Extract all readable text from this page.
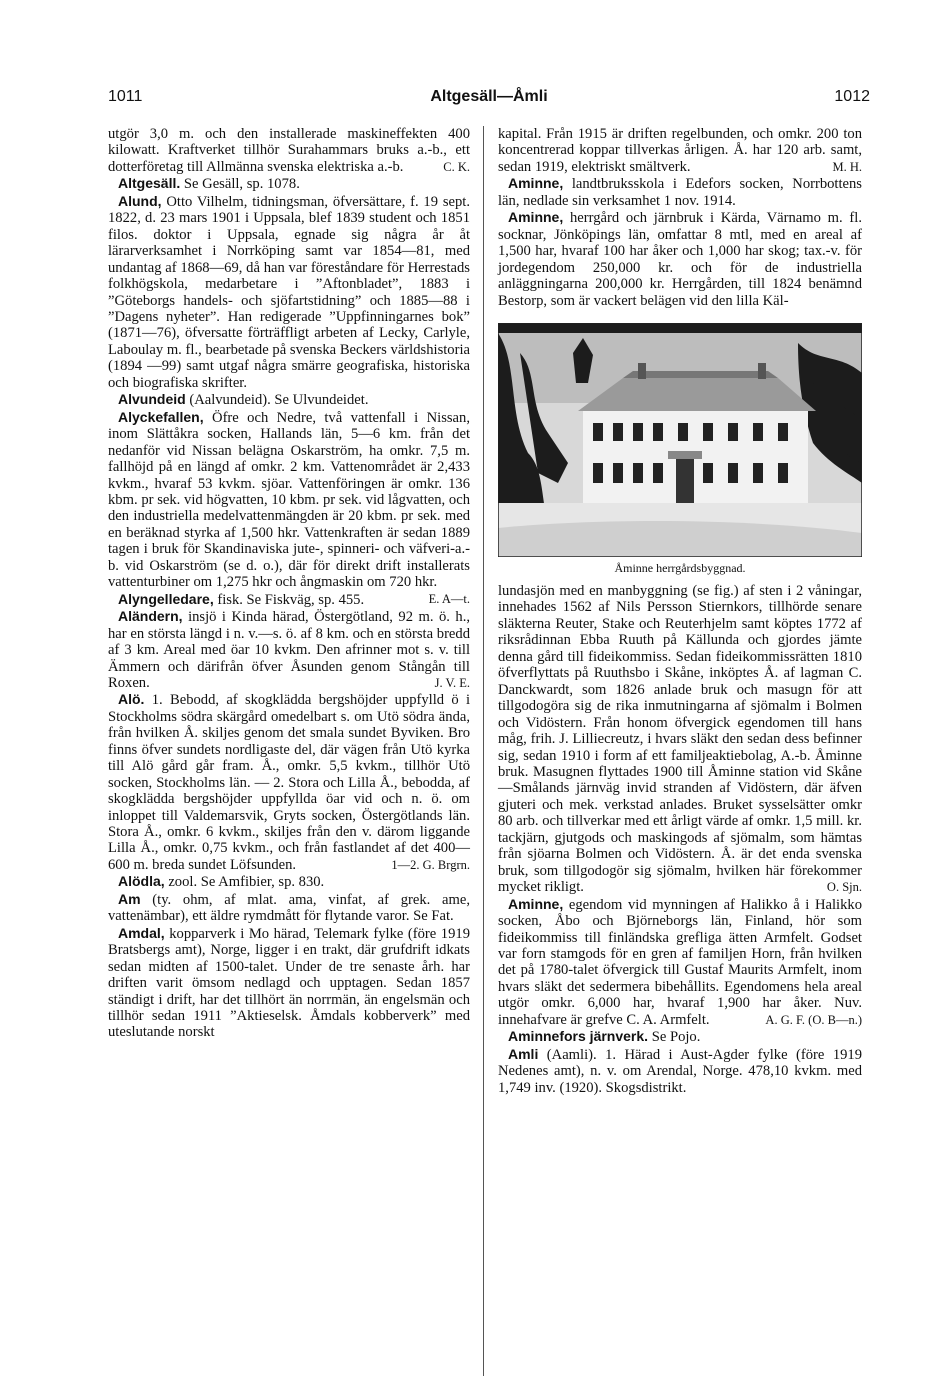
1011	Altgesäll—Åmli	1012

utgör 3,0 m. och den installerade maskineffekten 400 kilowatt. Kraftverket tillhör Surahammars bruks a.-b., ett dotterföretag till Allmänna svenska elektriska a.-b.	C. K.

Altgesäll. Se Gesäll, sp. 1078.

Alund, Otto Vilhelm, tidningsman, öfversättare, f. 19 sept. 1822, d. 23 mars 1901 i Uppsala, blef 1839 student och 1851 filos. doktor i Uppsala, egnade sig några år åt lärarverksamhet i Norrköping samt var 1854—81, med undantag af 1868—69, då han var föreståndare för Herrestads folkhögskola, medarbetare i ”Aftonbladet”, 1883 i ”Göteborgs handels- och sjöfartstidning” och 1885—88 i ”Dagens nyheter”. Han redigerade ”Uppfinningarnes bok” (1871—76), öfversatte förträffligt arbeten af Lecky, Carlyle, Laboulay m. fl., bearbetade på svenska Beckers världshistoria (1894 —99) samt utgaf några smärre geografiska, historiska och biografiska skrifter.

Alvundeid (Aalvundeid). Se Ulvundeidet.

Alyckefallen, Öfre och Nedre, två vattenfall i Nissan, inom Slättåkra socken, Hallands län, 5—6 km. från det nedanför vid Nissan belägna Oskarström, ha omkr. 7,5 m. fallhöjd på en längd af omkr. 2 km. Vattenområdet är 2,433 kvkm., hvaraf 53 kvkm. sjöar. Vattenföringen är omkr. 136 kbm. pr sek. vid högvatten, 10 kbm. pr sek. vid lågvatten, och den industriella medelvattenmängden är 20 kbm. pr sek. med en beräknad styrka af 1,500 hkr. Vattenkraften är sedan 1889 tagen i bruk för Skandinaviska jute-, spinneri- och väfveri-a.-b. vid Oskarström (se d. o.), där för direkt drift installerats vattenturbiner om 1,275 hkr och ångmaskin om 720 hkr.
E. A—t.

Alyngelledare, fisk. Se Fiskväg, sp. 455.

Aländern, insjö i Kinda härad, Östergötland, 92 m. ö. h., har en största längd i n. v.—s. ö. af 8 km. och en största bredd af 3 km. Areal med öar 10 kvkm. Den afrinner mot s. v. till Ämmern och därifrån öfver Åsunden genom Stångån till Roxen.	J. V. E.

Alö. 1. Bebodd, af skogklädda bergshöjder uppfylld ö i Stockholms södra skärgård omedelbart s. om Utö södra ända, från hvilken Å. skiljes genom det smala sundet Byviken. Bro finns öfver sundets nordligaste del, där vägen från Utö kyrka till Alö gård går fram. Å., omkr. 5,5 kvkm., tillhör Utö socken, Stockholms län. — 2. Stora och Lilla Å., bebodda, af skogklädda bergshöjder uppfyllda öar vid och n. ö. om inloppet till Valdemarsvik, Gryts socken, Östergötlands län. Stora Å., omkr. 6 kvkm., skiljes från den v. därom liggande Lilla Å., omkr. 0,75 kvkm., och från fastlandet af det 400—600 m. breda sundet Löfsunden.	1—2. G. Brgrn.

Alödla, zool. Se Amfibier, sp. 830.

Am (ty. ohm, af mlat. ama, vinfat, af grek. ame, vattenämbar), ett äldre rymdmått för flytande varor. Se Fat.

Amdal, kopparverk i Mo härad, Telemark fylke (före 1919 Bratsbergs amt), Norge, ligger i en trakt, där grufdrift idkats sedan midten af 1500-talet. Under de tre senaste årh. har driften varit ömsom nedlagd och upptagen. Sedan 1857 ständigt i drift, har det tillhört än norrmän, än engelsmän och tillhör sedan 1911 ”Aktieselsk. Åmdals kobberverk” med uteslutande norskt

kapital. Från 1915 är driften regelbunden, och omkr. 200 ton koncentrerad koppar tillverkas årligen. Å. har 120 arb. samt, sedan 1919, elektriskt smältverk.	M. H.

Aminne, landtbruksskola i Edefors socken, Norrbottens län, nedlade sin verksamhet 1 nov. 1914.

Aminne, herrgård och järnbruk i Kärda, Värnamo m. fl. socknar, Jönköpings län, omfattar 8 mtl, med en areal af 1,500 har, hvaraf 100 har åker och 1,000 har skog; tax.-v. för jordegendom 250,000 kr. och för de industriella anläggningarna 200,000 kr. Herrgården, till 1824 benämnd Bestorp, som är vackert belägen vid den lilla Käl-

Åminne herrgårdsbyggnad.

lundasjön med en manbyggning (se fig.) af sten i 2 våningar, innehades 1562 af Nils Persson Stiernkors, tillhörde senare släkterna Reuter, Stake och Reuterhjelm samt köptes 1772 af riksrådinnan Ebba Ruuth på Källunda och gjordes jämte denna gård till fideikommiss. Sedan fideikommissrätten 1810 öfverflyttats på Ruuthsbo i Skåne, inköptes Å. af lagman C. Danckwardt, som 1826 anlade bruk och masugn för att tillgodogöra sig de rika inmutningarna af sjömalm i Bolmen och Vidöstern. Från honom öfvergick egendomen till hans måg, frih. J. Lilliecreutz, i hvars släkt den sedan dess befinner sig, sedan 1910 i form af ett familjeaktiebolag, A.-b. Åminne bruk. Masugnen flyttades 1900 till Åminne station vid Skåne—Smålands järnväg invid stranden af Vidöstern, där äfven gjuteri och mek. verkstad anlades. Bruket sysselsätter omkr 80 arb. och tillverkar med ett årligt värde af omkr. 1,5 mill. kr. tackjärn, gjutgods och maskingods af sjömalm, som hämtas från sjöarna Bolmen och Vidöstern. Å. är det enda svenska bruk, som tillgodogör sig sjömalm, hvilken här förekommer mycket rikligt.	O. Sjn.

Aminne, egendom vid mynningen af Halikko å i Halikko socken, Åbo och Björneborgs län, Finland, hör som fideikommiss till finländska grefliga ätten Armfelt. Godset var forn stamgods för en gren af familjen Horn, från hvilken det på 1780-talet öfvergick till Gustaf Maurits Armfelt, inom hvars släkt det sedermera bibehållits. Egendomens hela areal utgör omkr. 6,000 har, hvaraf 1,900 har åker. Nuv. innehafvare är grefve C. A. Armfelt.	A. G. F. (O. B—n.)

Aminnefors järnverk. Se Pojo.

Amli (Aamli). 1. Härad i Aust-Agder fylke (före 1919 Nedenes amt), n. v. om Arendal, Norge. 478,10 kvkm. med 1,749 inv. (1920). Skogsdistrikt.
